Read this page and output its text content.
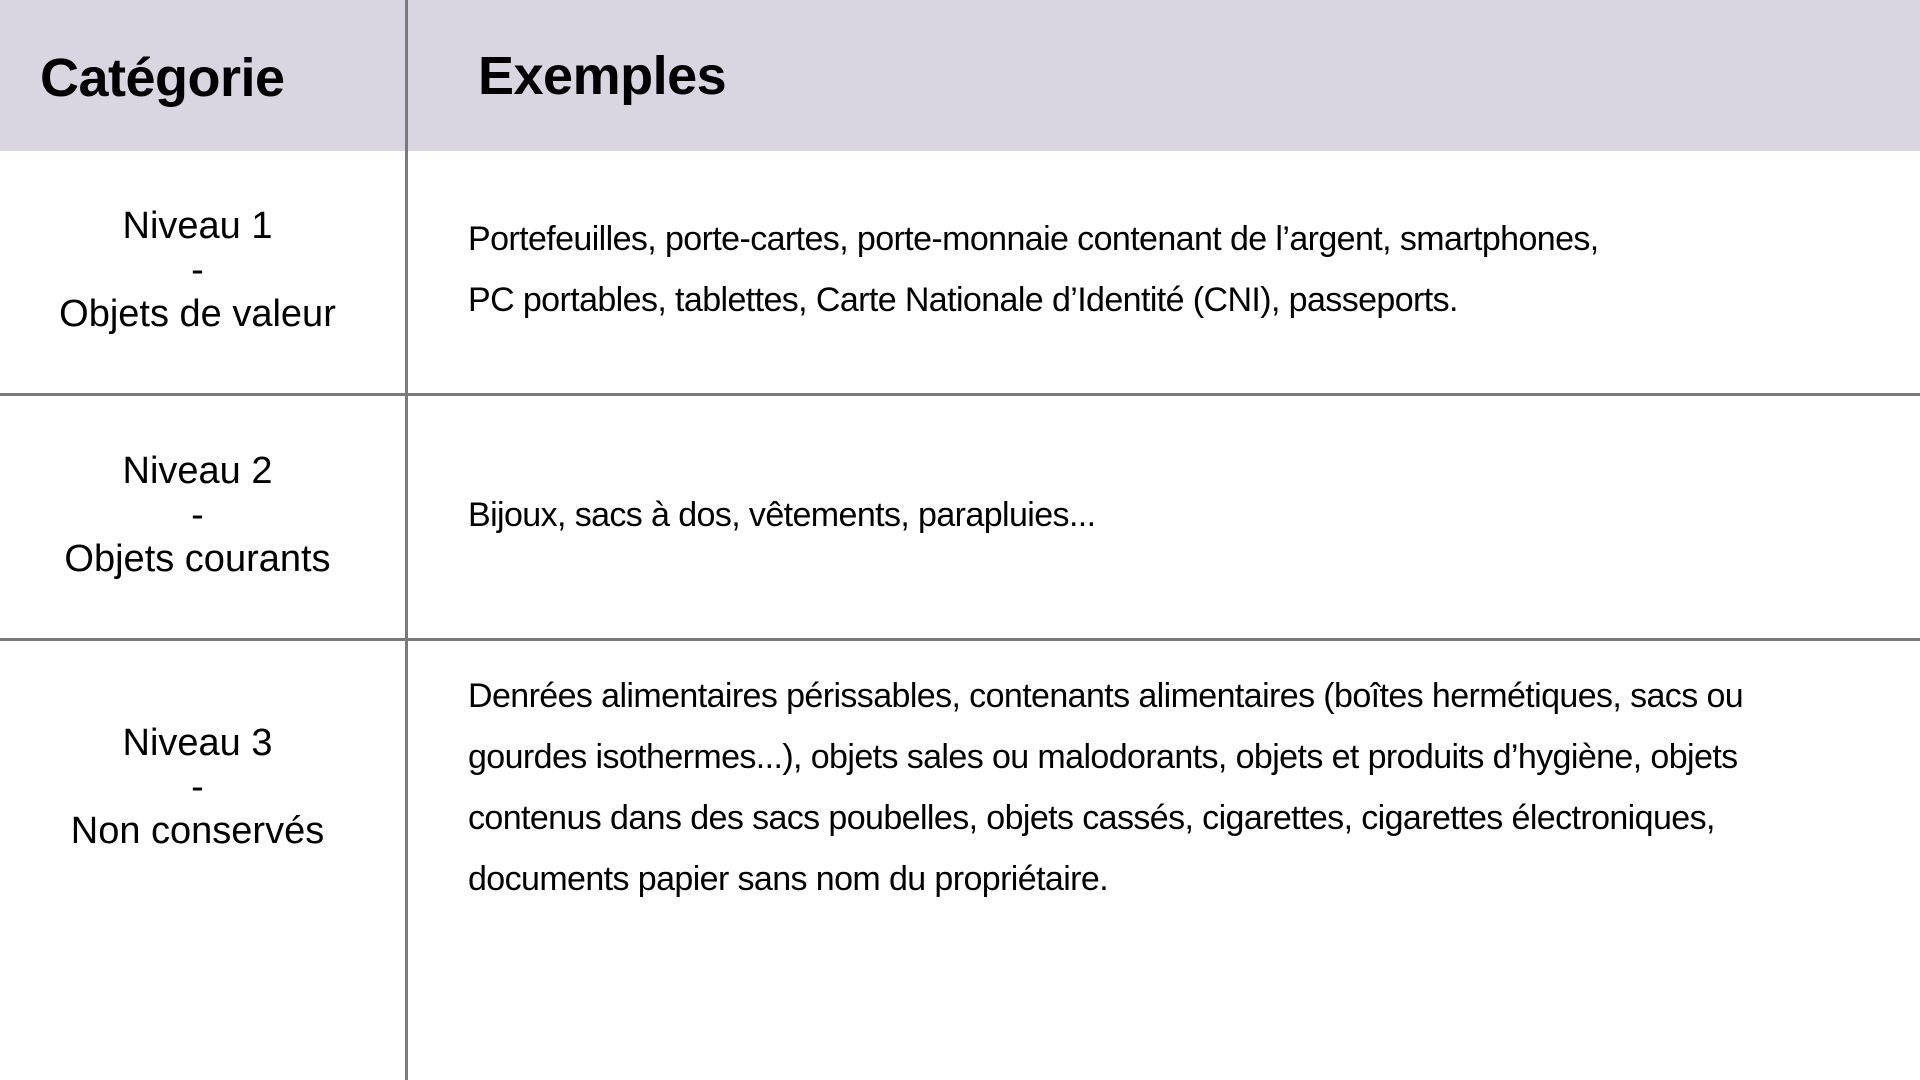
Catégorie	Exemples
Niveau 1
-
Objets de valeur
Portefeuilles, porte-cartes, porte-monnaie contenant de l’argent, smartphones,
PC portables, tablettes, Carte Nationale d’Identité (CNI), passeports.
Niveau 2
-
Objets courants
Bijoux, sacs à dos, vêtements, parapluies...
Niveau 3
-
Non conservés
Denrées alimentaires périssables, contenants alimentaires (boîtes hermétiques, sacs ou
gourdes isothermes...), objets sales ou malodorants, objets et produits d’hygiène, objets
contenus dans des sacs poubelles, objets cassés, cigarettes, cigarettes électroniques,
documents papier sans nom du propriétaire.
